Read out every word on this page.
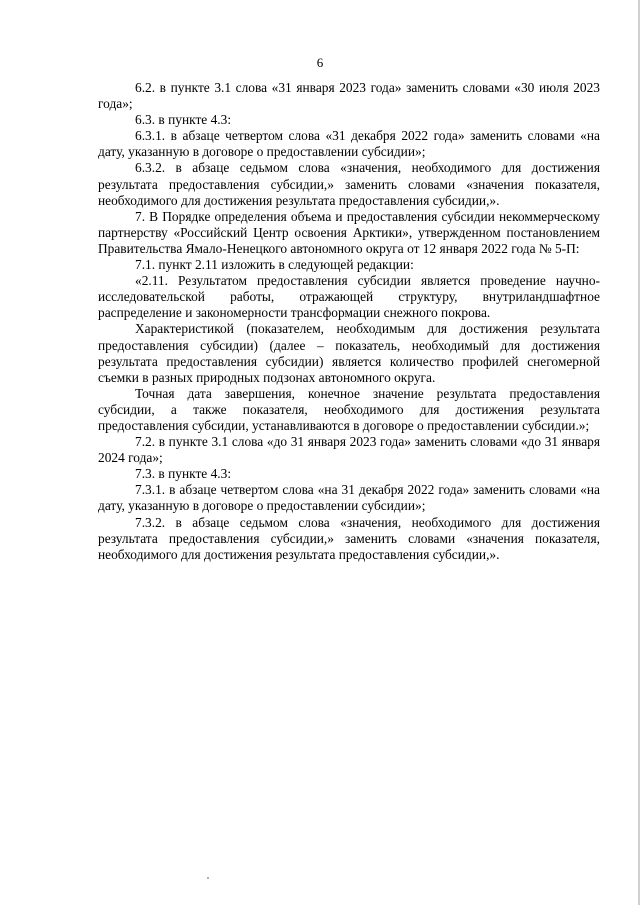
6

6.2. в пункте 3.1 слова «31 января 2023 года» заменить словами «30 июля 2023 года»;

6.3. в пункте 4.3:

6.3.1. в абзаце четвертом слова «31 декабря 2022 года» заменить словами «на дату, указанную в договоре о предоставлении субсидии»;

6.3.2. в абзаце седьмом слова «значения, необходимого для достижения результата предоставления субсидии,» заменить словами «значения показателя, необходимого для достижения результата предоставления субсидии,».

7. В Порядке определения объема и предоставления субсидии некоммерческому партнерству «Российский Центр освоения Арктики», утвержденном постановлением Правительства Ямало-Ненецкого автономного округа от 12 января 2022 года № 5-П:

7.1. пункт 2.11 изложить в следующей редакции:

«2.11. Результатом предоставления субсидии является проведение научно-исследовательской работы, отражающей структуру, внутриландшафтное распределение и закономерности трансформации снежного покрова.

Характеристикой (показателем, необходимым для достижения результата предоставления субсидии) (далее – показатель, необходимый для достижения результата предоставления субсидии) является количество профилей снегомерной съемки в разных природных подзонах автономного округа.

Точная дата завершения, конечное значение результата предоставления субсидии, а также показателя, необходимого для достижения результата предоставления субсидии, устанавливаются в договоре о предоставлении субсидии.»;

7.2. в пункте 3.1 слова «до 31 января 2023 года» заменить словами «до 31 января 2024 года»;

7.3. в пункте 4.3:

7.3.1. в абзаце четвертом слова «на 31 декабря 2022 года» заменить словами «на дату, указанную в договоре о предоставлении субсидии»;

7.3.2. в абзаце седьмом слова «значения, необходимого для достижения результата предоставления субсидии,» заменить словами «значения показателя, необходимого для достижения результата предоставления субсидии,».
